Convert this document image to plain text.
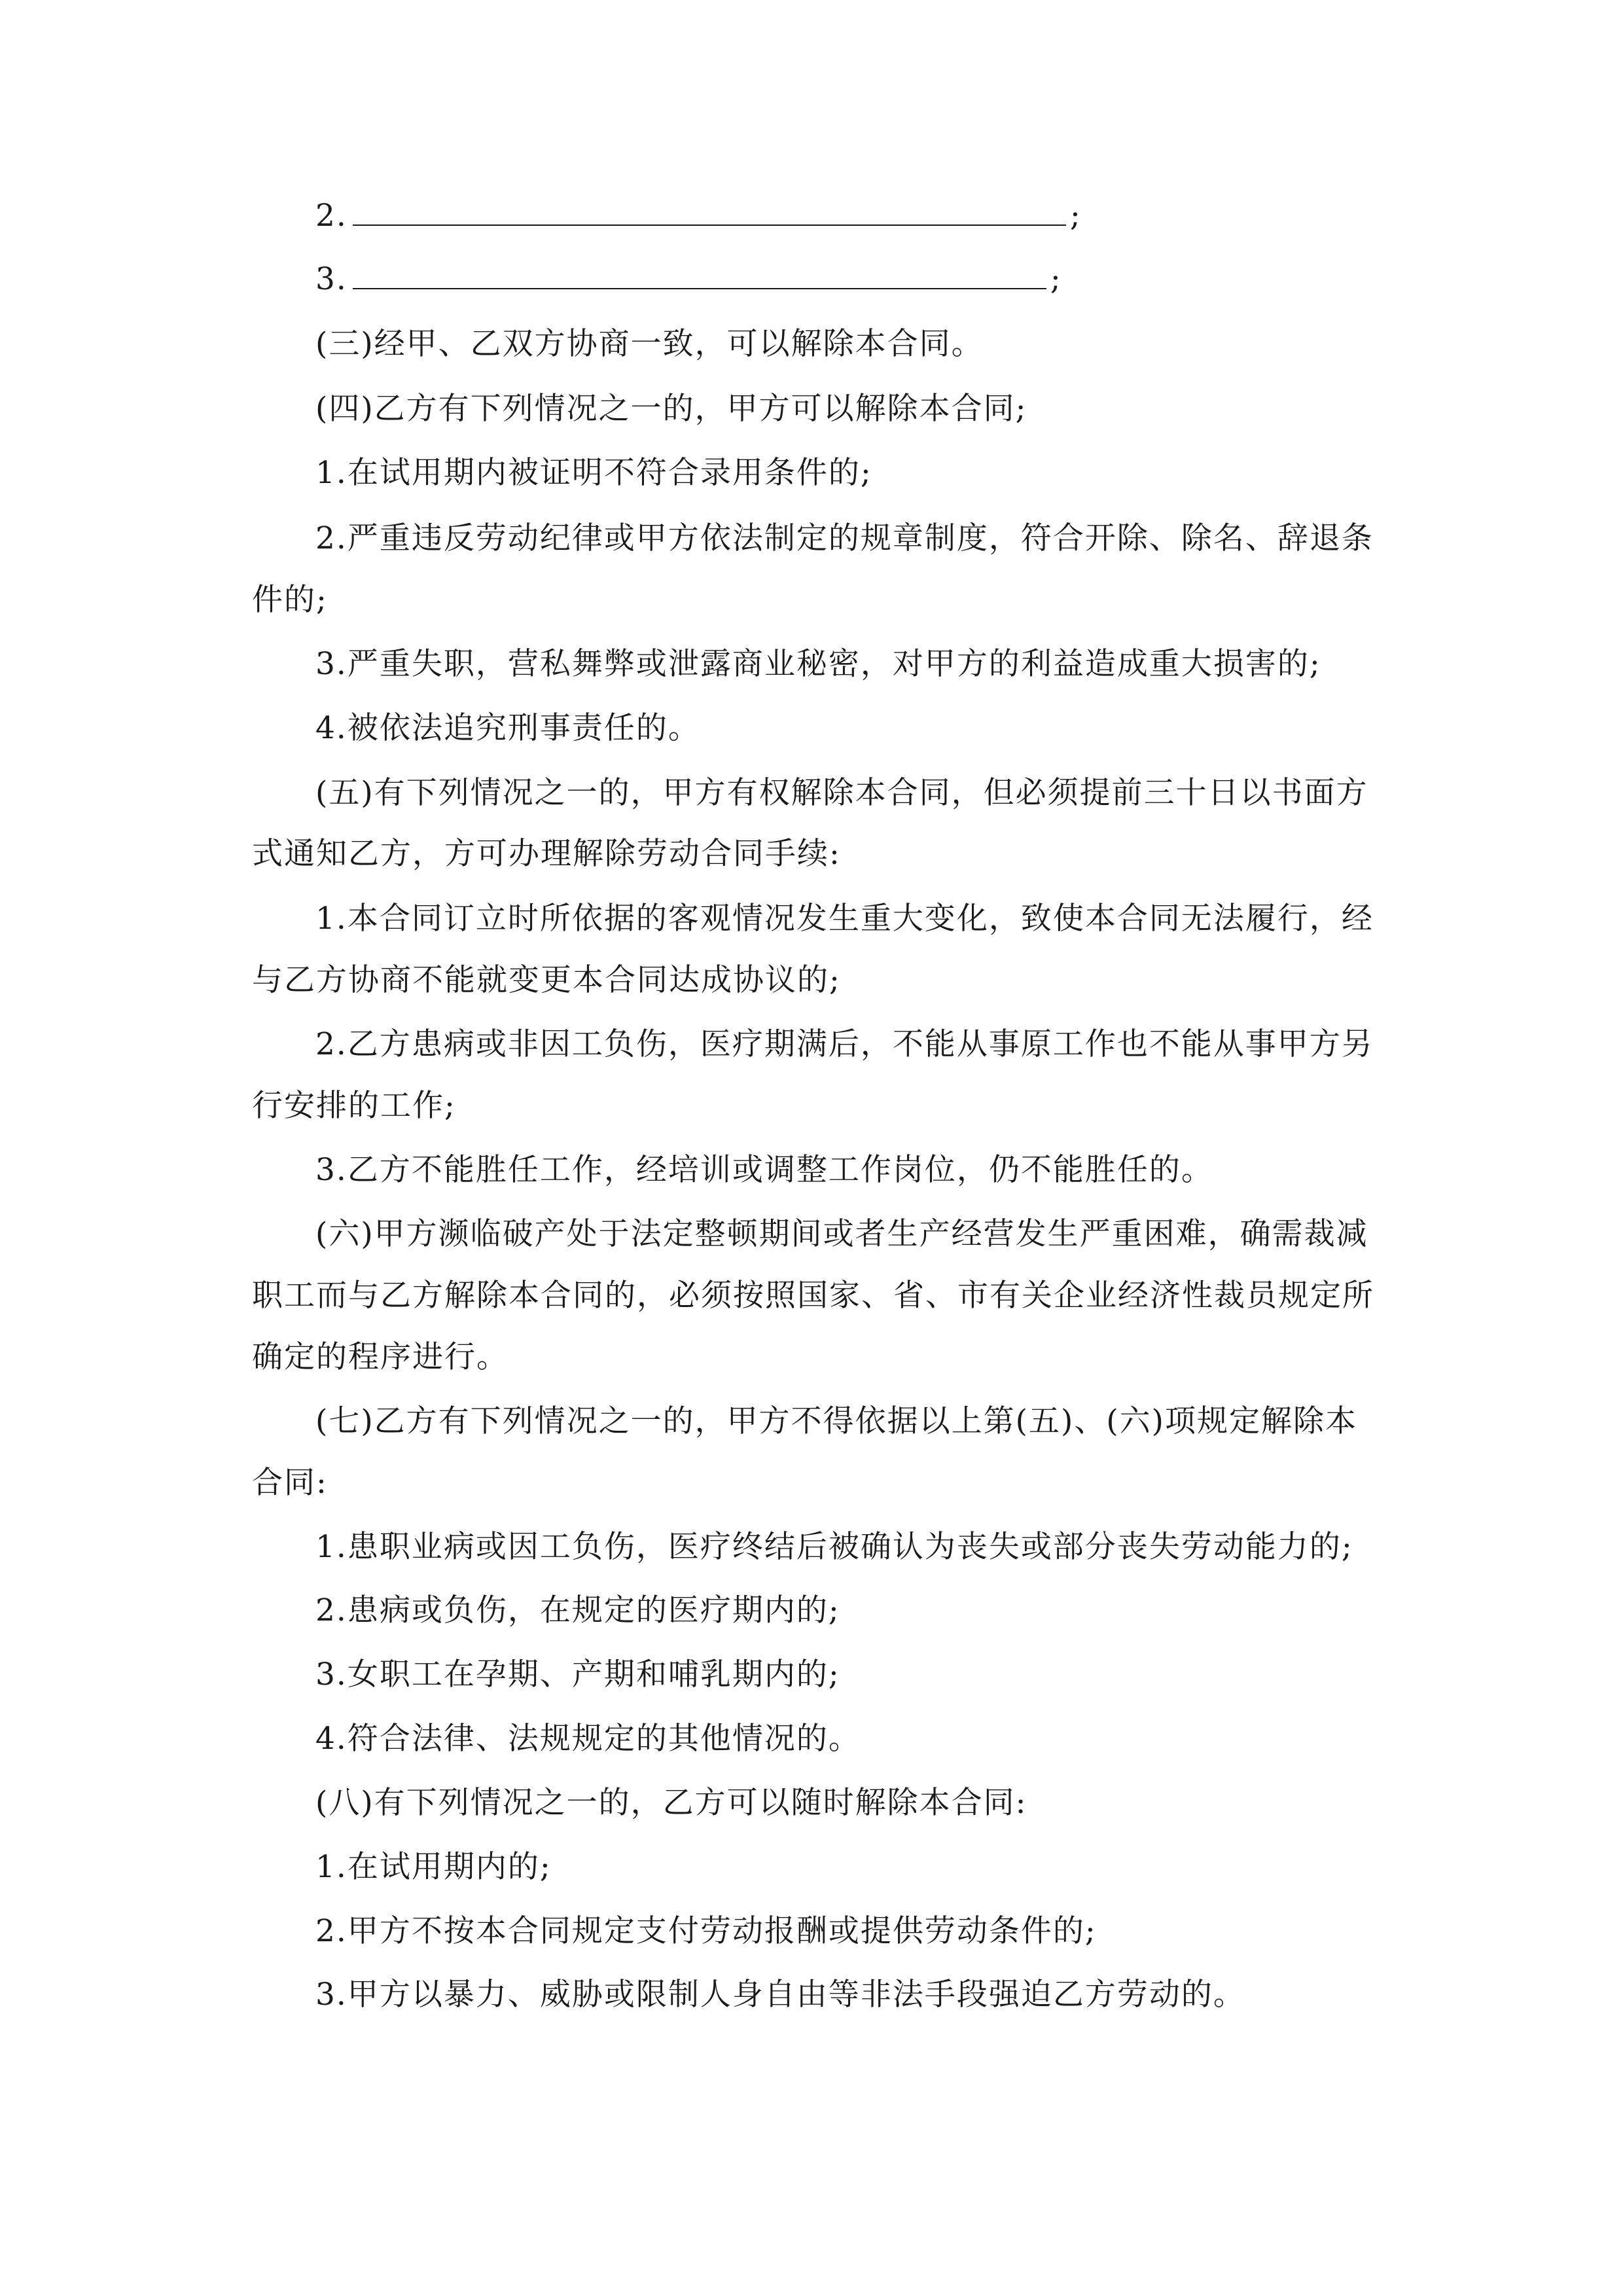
2.	;
3.	;
(三)经甲、乙双方协商一致，可以解除本合同。
(四)乙方有下列情况之一的，甲方可以解除本合同;
1.在试用期内被证明不符合录用条件的;
2.严重违反劳动纪律或甲方依法制定的规章制度，符合开除、除名、辞退条
件的;
3.严重失职，营私舞弊或泄露商业秘密，对甲方的利益造成重大损害的;
4.被依法追究刑事责任的。
(五)有下列情况之一的，甲方有权解除本合同，但必须提前三十日以书面方
式通知乙方，方可办理解除劳动合同手续:
1.本合同订立时所依据的客观情况发生重大变化，致使本合同无法履行，经
与乙方协商不能就变更本合同达成协议的;
2.乙方患病或非因工负伤，医疗期满后，不能从事原工作也不能从事甲方另
行安排的工作;
3.乙方不能胜任工作，经培训或调整工作岗位，仍不能胜任的。
(六)甲方濒临破产处于法定整顿期间或者生产经营发生严重困难，确需裁减
职工而与乙方解除本合同的，必须按照国家、省、市有关企业经济性裁员规定所
确定的程序进行。
(七)乙方有下列情况之一的，甲方不得依据以上第(五)、(六)项规定解除本
合同:
1.患职业病或因工负伤，医疗终结后被确认为丧失或部分丧失劳动能力的;
2.患病或负伤，在规定的医疗期内的;
3.女职工在孕期、产期和哺乳期内的;
4.符合法律、法规规定的其他情况的。
(八)有下列情况之一的，乙方可以随时解除本合同:
1.在试用期内的;
2.甲方不按本合同规定支付劳动报酬或提供劳动条件的;
3.甲方以暴力、威胁或限制人身自由等非法手段强迫乙方劳动的。
